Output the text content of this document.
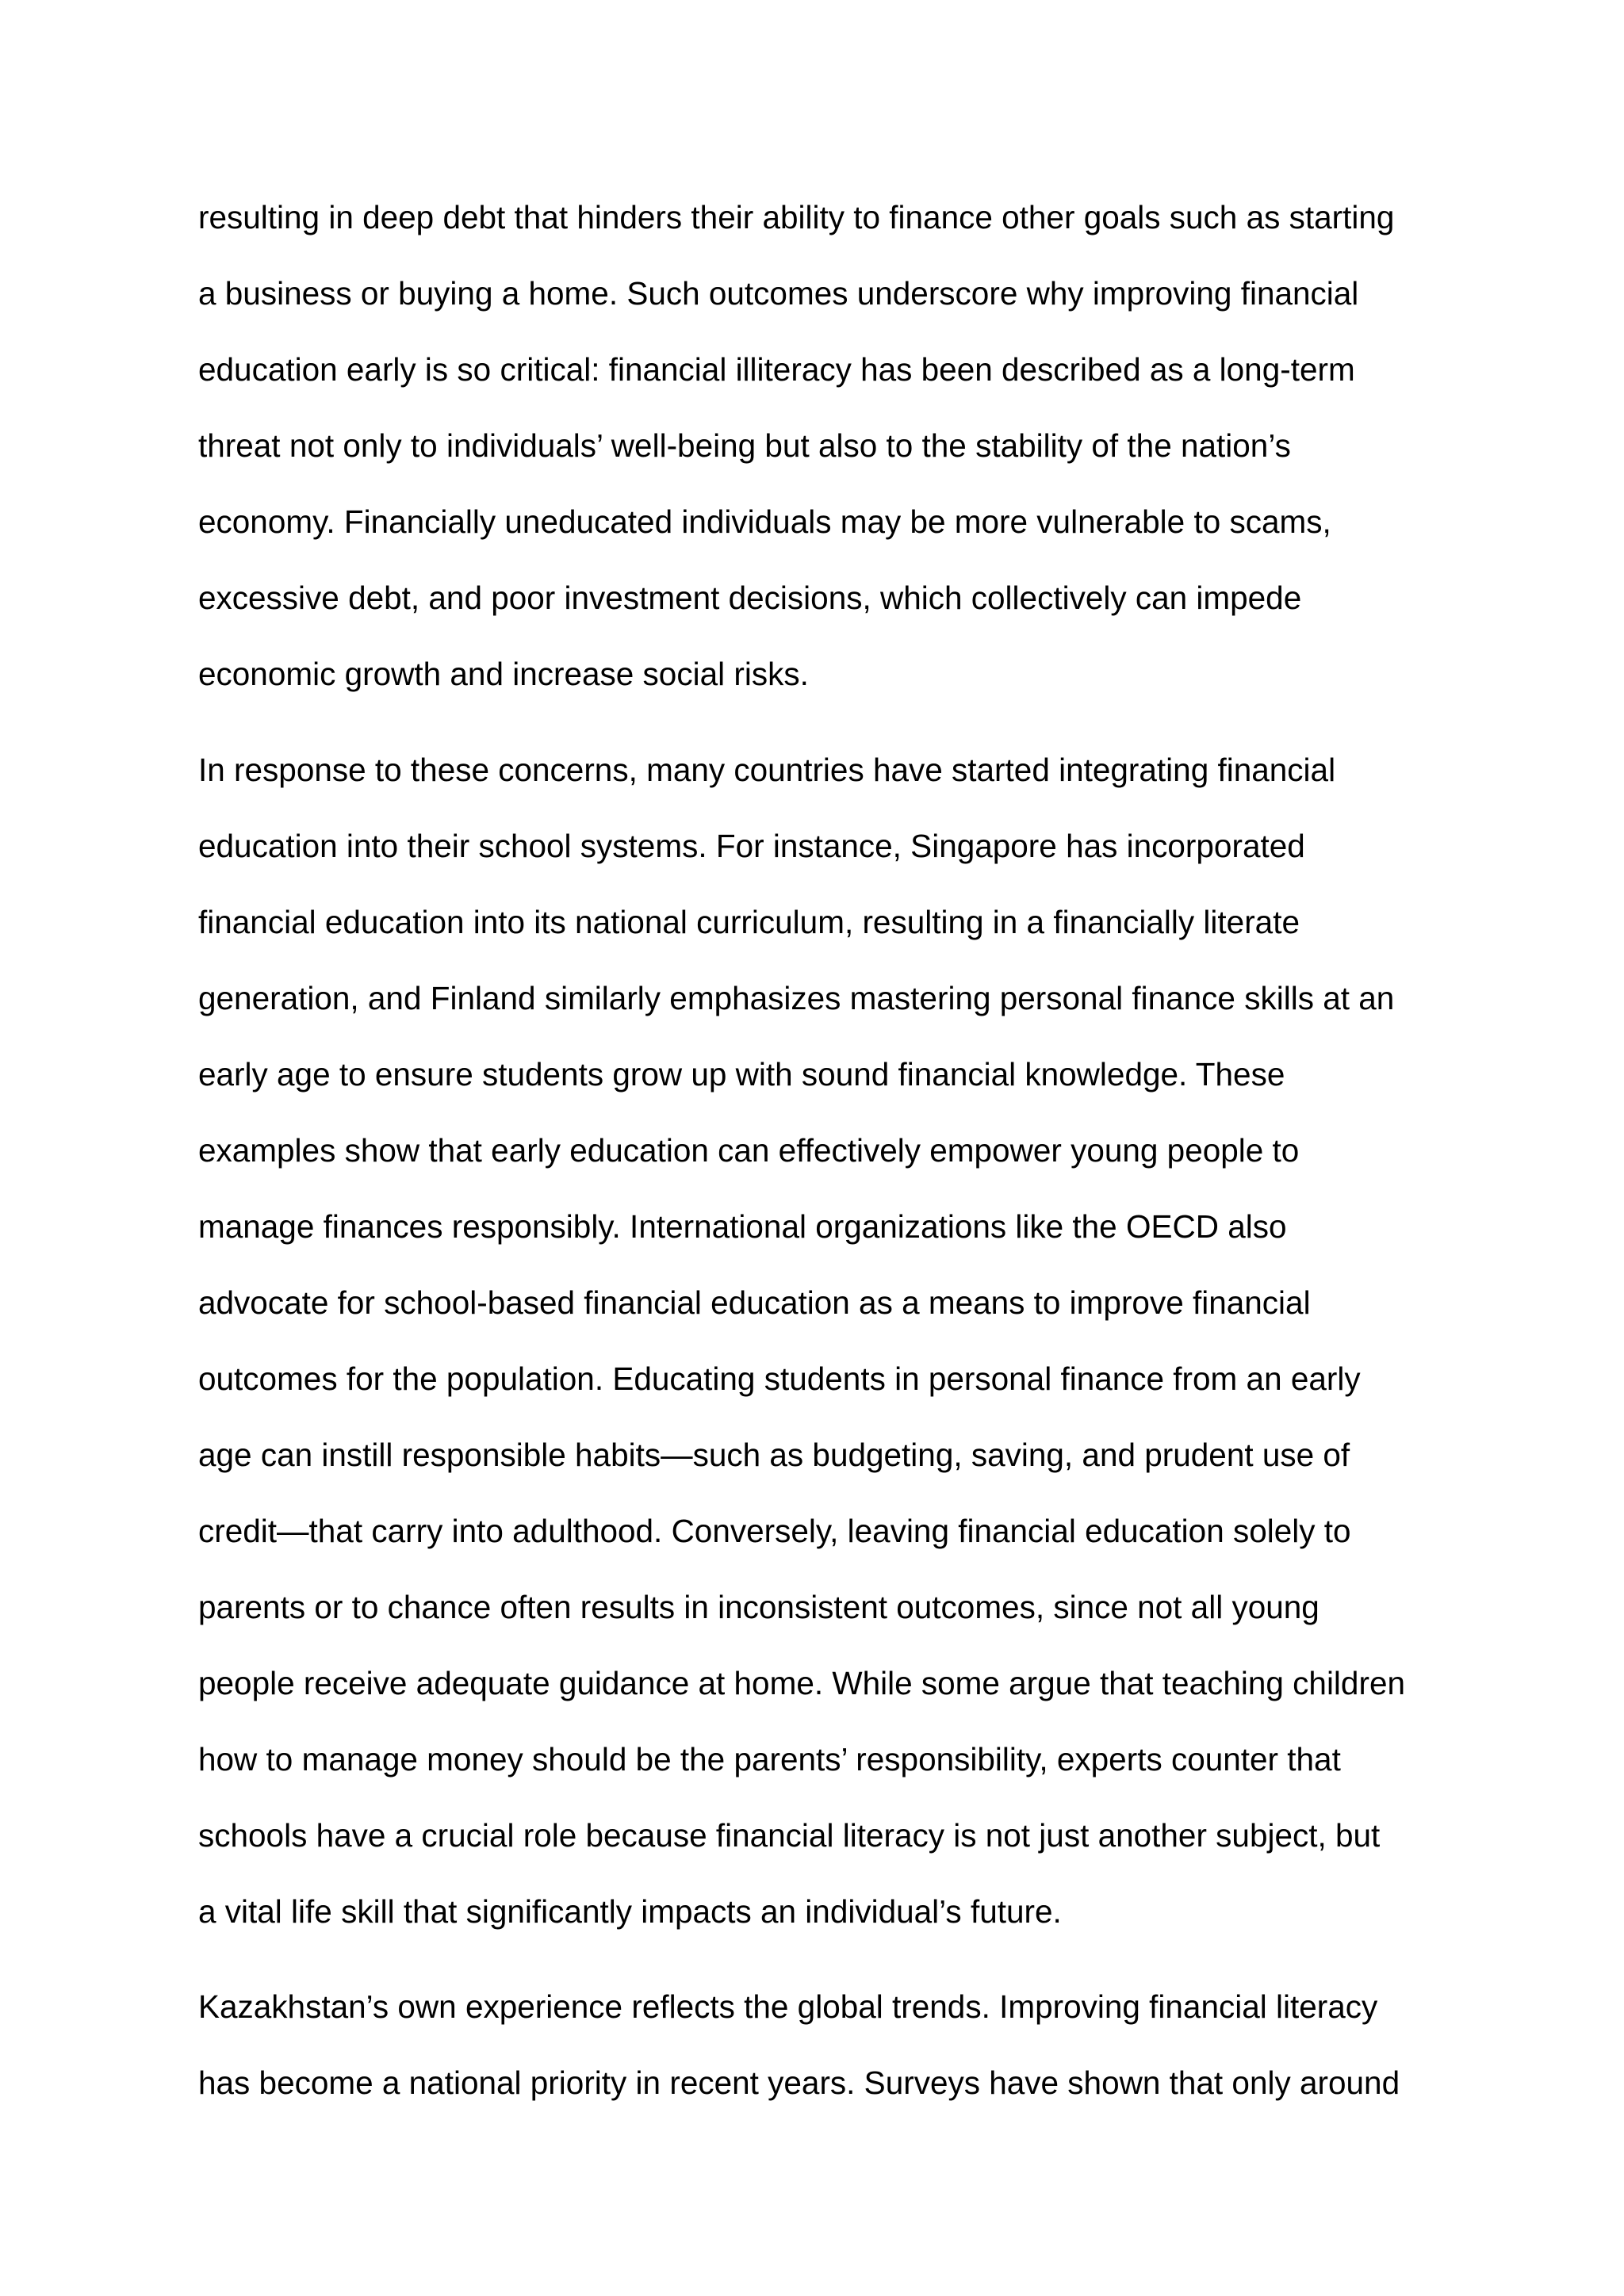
resulting in deep debt that hinders their ability to finance other goals such as starting
a business or buying a home. Such outcomes underscore why improving financial
education early is so critical: financial illiteracy has been described as a long-term
threat not only to individuals’ well-being but also to the stability of the nation’s
economy. Financially uneducated individuals may be more vulnerable to scams,
excessive debt, and poor investment decisions, which collectively can impede
economic growth and increase social risks.
In response to these concerns, many countries have started integrating financial
education into their school systems. For instance, Singapore has incorporated
financial education into its national curriculum, resulting in a financially literate
generation, and Finland similarly emphasizes mastering personal finance skills at an
early age to ensure students grow up with sound financial knowledge. These
examples show that early education can effectively empower young people to
manage finances responsibly. International organizations like the OECD also
advocate for school-based financial education as a means to improve financial
outcomes for the population. Educating students in personal finance from an early
age can instill responsible habits—such as budgeting, saving, and prudent use of
credit—that carry into adulthood. Conversely, leaving financial education solely to
parents or to chance often results in inconsistent outcomes, since not all young
people receive adequate guidance at home. While some argue that teaching children
how to manage money should be the parents’ responsibility, experts counter that
schools have a crucial role because financial literacy is not just another subject, but
a vital life skill that significantly impacts an individual’s future.
Kazakhstan’s own experience reflects the global trends. Improving financial literacy
has become a national priority in recent years. Surveys have shown that only around
